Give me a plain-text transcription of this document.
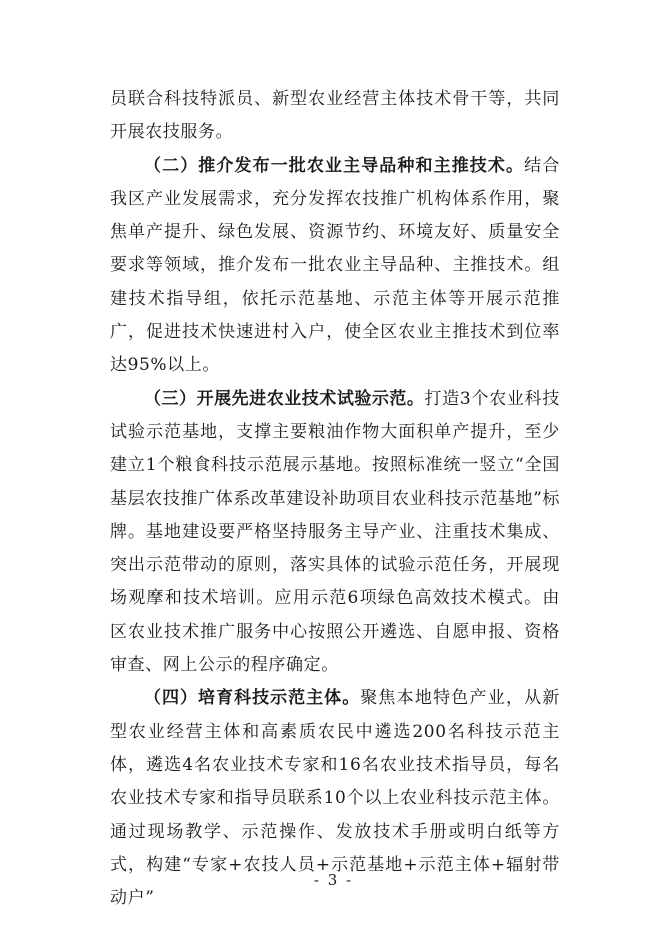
员联合科技特派员、新型农业经营主体技术骨干等，共同开展农技服务。

（二）推介发布一批农业主导品种和主推技术。结合我区产业发展需求，充分发挥农技推广机构体系作用，聚焦单产提升、绿色发展、资源节约、环境友好、质量安全要求等领域，推介发布一批农业主导品种、主推技术。组建技术指导组，依托示范基地、示范主体等开展示范推广，促进技术快速进村入户，使全区农业主推技术到位率达95%以上。

（三）开展先进农业技术试验示范。打造3个农业科技试验示范基地，支撑主要粮油作物大面积单产提升，至少建立1个粮食科技示范展示基地。按照标准统一竖立“全国基层农技推广体系改革建设补助项目农业科技示范基地”标牌。基地建设要严格坚持服务主导产业、注重技术集成、突出示范带动的原则，落实具体的试验示范任务，开展现场观摩和技术培训。应用示范6项绿色高效技术模式。由区农业技术推广服务中心按照公开遴选、自愿申报、资格审查、网上公示的程序确定。

（四）培育科技示范主体。聚焦本地特色产业，从新型农业经营主体和高素质农民中遴选200名科技示范主体，遴选4名农业技术专家和16名农业技术指导员，每名农业技术专家和指导员联系10个以上农业科技示范主体。通过现场教学、示范操作、发放技术手册或明白纸等方式，构建“专家+农技人员+示范基地+示范主体+辐射带动户”

- 3 -
